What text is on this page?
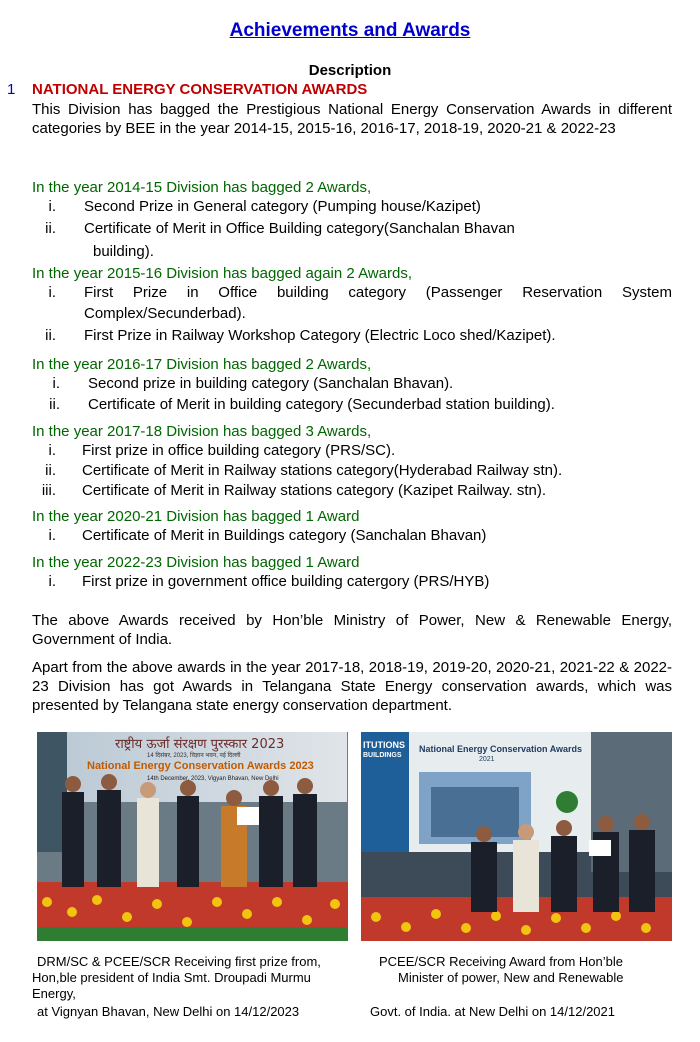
Achievements and Awards
Description
1 NATIONAL ENERGY CONSERVATION AWARDS
This Division has bagged the Prestigious National Energy Conservation Awards in different categories by BEE in the year 2014-15, 2015-16, 2016-17, 2018-19, 2020-21 & 2022-23
In the year 2014-15 Division has bagged 2 Awards,
i. Second Prize in General category (Pumping house/Kazipet)
ii. Certificate of Merit in Office Building category(Sanchalan Bhavan
building).
In the year 2015-16 Division has bagged again 2 Awards,
i. First Prize in Office building category (Passenger Reservation System
Complex/Secunderbad).
ii. First Prize in Railway Workshop Category (Electric Loco shed/Kazipet).
In the year 2016-17 Division has bagged 2 Awards,
i. Second prize in building category (Sanchalan Bhavan).
ii. Certificate of Merit in building category (Secunderbad station building).
In the year 2017-18 Division has bagged 3 Awards,
i. First prize in office building category (PRS/SC).
ii. Certificate of Merit in Railway stations category(Hyderabad Railway stn).
iii. Certificate of Merit in Railway stations category (Kazipet Railway. stn).
In the year 2020-21 Division has bagged 1 Award
i. Certificate of Merit in Buildings category (Sanchalan Bhavan)
In the year 2022-23 Division has bagged 1 Award
i. First prize in government office building catergory (PRS/HYB)
The above Awards received by Hon’ble Ministry of Power, New & Renewable Energy, Government of India.
Apart from the above awards in the year 2017-18, 2018-19, 2019-20, 2020-21, 2021-22 & 2022-23 Division has got Awards in Telangana State Energy conservation awards, which was presented by Telangana state energy conservation department.
राष्ट्रीय ऊर्जा संरक्षण पुरस्कार 2023
14 दिसंबर, 2023, विज्ञान भवन, नई दिल्ली
National Energy Conservation Awards 2023
14th December, 2023, Vigyan Bhavan, New Delhi
ITUTIONS
BUILDINGS
National Energy Conservation Awards
2021
DRM/SC & PCEE/SCR Receiving first prize from,
Hon,ble president of India Smt. Droupadi Murmu
Energy,
at Vignyan Bhavan, New Delhi on 14/12/2023
PCEE/SCR Receiving Award from Hon’ble
Minister of power, New and Renewable
Govt. of India. at New Delhi on 14/12/2021
